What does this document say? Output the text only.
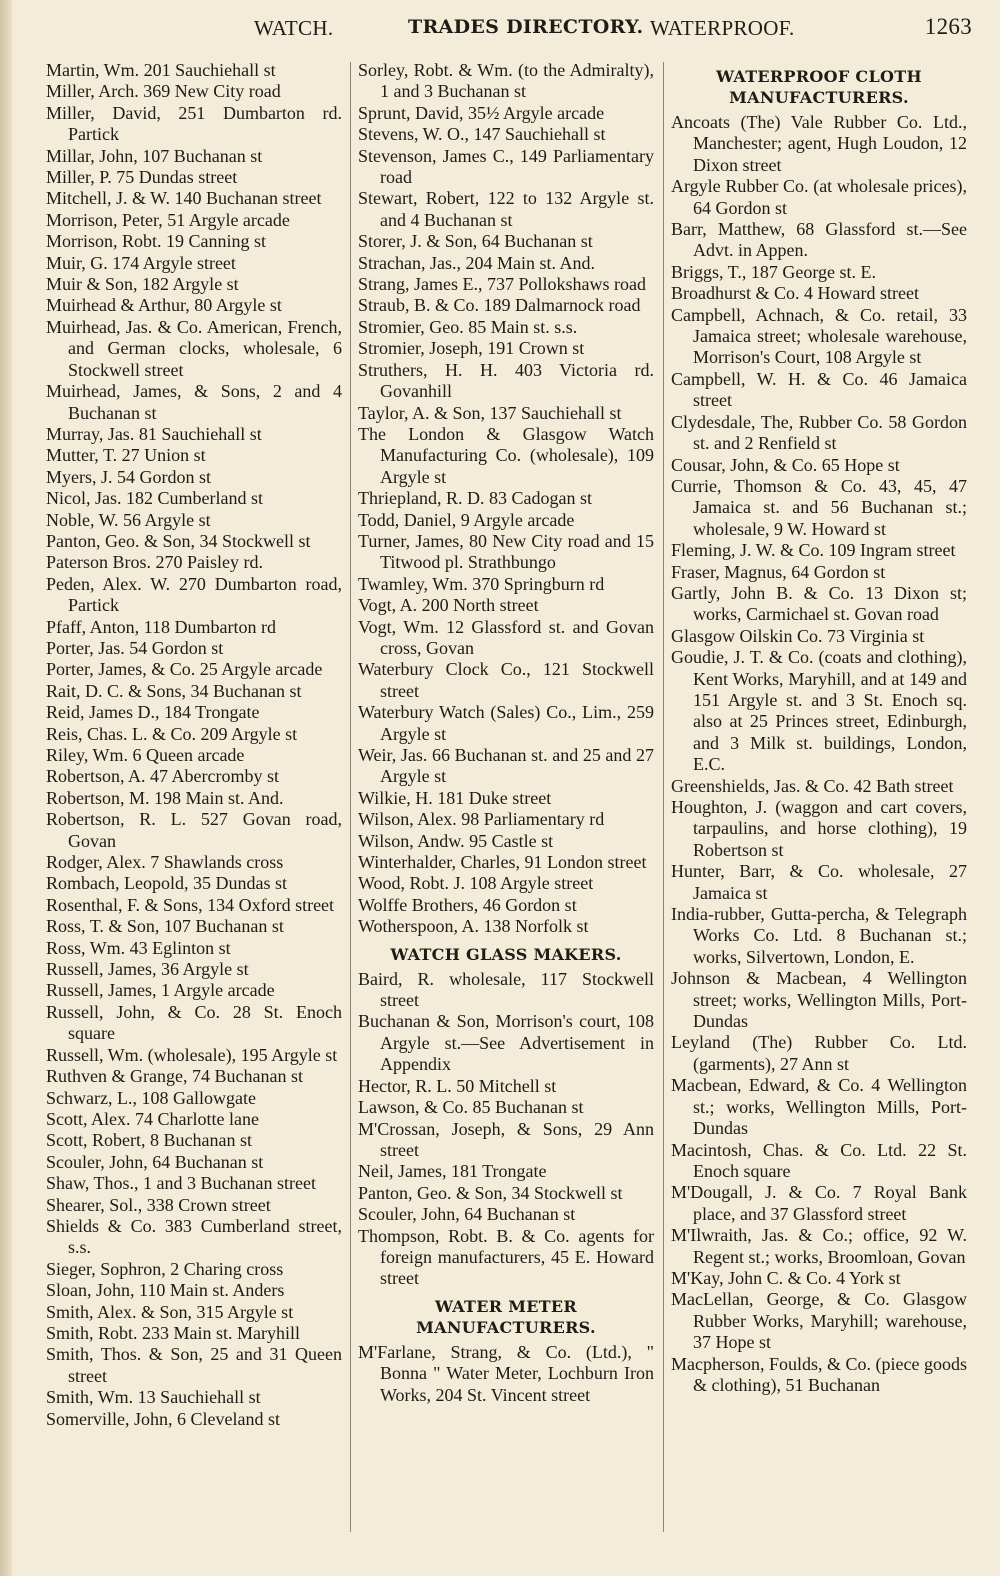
WATCH.	TRADES DIRECTORY. WATERPROOF.	1263
Martin, Wm. 201 Sauchiehall st
Miller, Arch. 369 New City road
Miller, David, 251 Dumbarton rd. Partick
Millar, John, 107 Buchanan st
Miller, P. 75 Dundas street
Mitchell, J. & W. 140 Buchanan street
Morrison, Peter, 51 Argyle arcade
Morrison, Robt. 19 Canning st
Muir, G. 174 Argyle street
Muir & Son, 182 Argyle st
Muirhead & Arthur, 80 Argyle st
Muirhead, Jas. & Co. American, French, and German clocks, wholesale, 6 Stockwell street
Muirhead, James, & Sons, 2 and 4 Buchanan st
Murray, Jas. 81 Sauchiehall st
Mutter, T. 27 Union st
Myers, J. 54 Gordon st
Nicol, Jas. 182 Cumberland st
Noble, W. 56 Argyle st
Panton, Geo. & Son, 34 Stockwell st
Paterson Bros. 270 Paisley rd.
Peden, Alex. W. 270 Dumbarton road, Partick
Pfaff, Anton, 118 Dumbarton rd
Porter, Jas. 54 Gordon st
Porter, James, & Co. 25 Argyle arcade
Rait, D. C. & Sons, 34 Buchanan st
Reid, James D., 184 Trongate
Reis, Chas. L. & Co. 209 Argyle st
Riley, Wm. 6 Queen arcade
Robertson, A. 47 Abercromby st
Robertson, M. 198 Main st. And.
Robertson, R. L. 527 Govan road, Govan
Rodger, Alex. 7 Shawlands cross
Rombach, Leopold, 35 Dundas st
Rosenthal, F. & Sons, 134 Oxford street
Ross, T. & Son, 107 Buchanan st
Ross, Wm. 43 Eglinton st
Russell, James, 36 Argyle st
Russell, James, 1 Argyle arcade
Russell, John, & Co. 28 St. Enoch square
Russell, Wm. (wholesale), 195 Argyle st
Ruthven & Grange, 74 Buchanan st
Schwarz, L., 108 Gallowgate
Scott, Alex. 74 Charlotte lane
Scott, Robert, 8 Buchanan st
Scouler, John, 64 Buchanan st
Shaw, Thos., 1 and 3 Buchanan street
Shearer, Sol., 338 Crown street
Shields & Co. 383 Cumberland street, s.s.
Sieger, Sophron, 2 Charing cross
Sloan, John, 110 Main st. Anders
Smith, Alex. & Son, 315 Argyle st
Smith, Robt. 233 Main st. Maryhill
Smith, Thos. & Son, 25 and 31 Queen street
Smith, Wm. 13 Sauchiehall st
Somerville, John, 6 Cleveland st
Sorley, Robt. & Wm. (to the Admiralty), 1 and 3 Buchanan st
Sprunt, David, 35½ Argyle arcade
Stevens, W. O., 147 Sauchiehall st
Stevenson, James C., 149 Parliamentary road
Stewart, Robert, 122 to 132 Argyle st. and 4 Buchanan st
Storer, J. & Son, 64 Buchanan st
Strachan, Jas., 204 Main st. And.
Strang, James E., 737 Pollokshaws road
Straub, B. & Co. 189 Dalmarnock road
Stromier, Geo. 85 Main st. s.s.
Stromier, Joseph, 191 Crown st
Struthers, H. H. 403 Victoria rd. Govanhill
Taylor, A. & Son, 137 Sauchiehall st
The London & Glasgow Watch Manufacturing Co. (wholesale), 109 Argyle st
Thriepland, R. D. 83 Cadogan st
Todd, Daniel, 9 Argyle arcade
Turner, James, 80 New City road and 15 Titwood pl. Strathbungo
Twamley, Wm. 370 Springburn rd
Vogt, A. 200 North street
Vogt, Wm. 12 Glassford st. and Govan cross, Govan
Waterbury Clock Co., 121 Stockwell street
Waterbury Watch (Sales) Co., Lim., 259 Argyle st
Weir, Jas. 66 Buchanan st. and 25 and 27 Argyle st
Wilkie, H. 181 Duke street
Wilson, Alex. 98 Parliamentary rd
Wilson, Andw. 95 Castle st
Winterhalder, Charles, 91 London street
Wood, Robt. J. 108 Argyle street
Wolffe Brothers, 46 Gordon st
Wotherspoon, A. 138 Norfolk st
WATCH GLASS MAKERS.
Baird, R. wholesale, 117 Stockwell street
Buchanan & Son, Morrison's court, 108 Argyle st.—See Advertisement in Appendix
Hector, R. L. 50 Mitchell st
Lawson, & Co. 85 Buchanan st
M'Crossan, Joseph, & Sons, 29 Ann street
Neil, James, 181 Trongate
Panton, Geo. & Son, 34 Stockwell st
Scouler, John, 64 Buchanan st
Thompson, Robt. B. & Co. agents for foreign manufacturers, 45 E. Howard street
WATER METER MANUFACTURERS.
M'Farlane, Strang, & Co. (Ltd.), " Bonna " Water Meter, Lochburn Iron Works, 204 St. Vincent street
WATERPROOF CLOTH MANUFACTURERS.
Ancoats (The) Vale Rubber Co. Ltd., Manchester; agent, Hugh Loudon, 12 Dixon street
Argyle Rubber Co. (at wholesale prices), 64 Gordon st
Barr, Matthew, 68 Glassford st.—See Advt. in Appen.
Briggs, T., 187 George st. E.
Broadhurst & Co. 4 Howard street
Campbell, Achnach, & Co. retail, 33 Jamaica street; wholesale warehouse, Morrison's Court, 108 Argyle st
Campbell, W. H. & Co. 46 Jamaica street
Clydesdale, The, Rubber Co. 58 Gordon st. and 2 Renfield st
Cousar, John, & Co. 65 Hope st
Currie, Thomson & Co. 43, 45, 47 Jamaica st. and 56 Buchanan st.; wholesale, 9 W. Howard st
Fleming, J. W. & Co. 109 Ingram street
Fraser, Magnus, 64 Gordon st
Gartly, John B. & Co. 13 Dixon st; works, Carmichael st. Govan road
Glasgow Oilskin Co. 73 Virginia st
Goudie, J. T. & Co. (coats and clothing), Kent Works, Maryhill, and at 149 and 151 Argyle st. and 3 St. Enoch sq. also at 25 Princes street, Edinburgh, and 3 Milk st. buildings, London, E.C.
Greenshields, Jas. & Co. 42 Bath street
Houghton, J. (waggon and cart covers, tarpaulins, and horse clothing), 19 Robertson st
Hunter, Barr, & Co. wholesale, 27 Jamaica st
India-rubber, Gutta-percha, & Telegraph Works Co. Ltd. 8 Buchanan st.; works, Silvertown, London, E.
Johnson & Macbean, 4 Wellington street; works, Wellington Mills, Port-Dundas
Leyland (The) Rubber Co. Ltd. (garments), 27 Ann st
Macbean, Edward, & Co. 4 Wellington st.; works, Wellington Mills, Port-Dundas
Macintosh, Chas. & Co. Ltd. 22 St. Enoch square
M'Dougall, J. & Co. 7 Royal Bank place, and 37 Glassford street
M'Ilwraith, Jas. & Co.; office, 92 W. Regent st.; works, Broomloan, Govan
M'Kay, John C. & Co. 4 York st
MacLellan, George, & Co. Glasgow Rubber Works, Maryhill; warehouse, 37 Hope st
Macpherson, Foulds, & Co. (piece goods & clothing), 51 Buchanan
